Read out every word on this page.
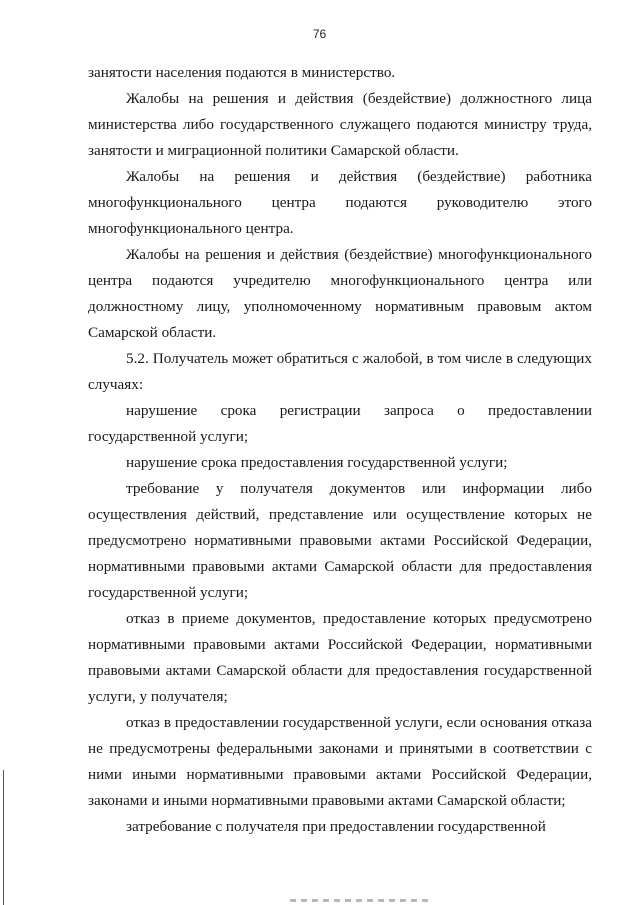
76

занятости населения подаются в министерство.

Жалобы на решения и действия (бездействие) должностного лица министерства либо государственного служащего подаются министру труда, занятости и миграционной политики Самарской области.

Жалобы на решения и действия (бездействие) работника многофункционального центра подаются руководителю этого многофункционального центра.

Жалобы на решения и действия (бездействие) многофункционального центра подаются учредителю многофункционального центра или должностному лицу, уполномоченному нормативным правовым актом Самарской области.

5.2. Получатель может обратиться с жалобой, в том числе в следующих случаях:

нарушение срока регистрации запроса о предоставлении государственной услуги;

нарушение срока предоставления государственной услуги;

требование у получателя документов или информации либо осуществления действий, представление или осуществление которых не предусмотрено нормативными правовыми актами Российской Федерации, нормативными правовыми актами Самарской области для предоставления государственной услуги;

отказ в приеме документов, предоставление которых предусмотрено нормативными правовыми актами Российской Федерации, нормативными правовыми актами Самарской области для предоставления государственной услуги, у получателя;

отказ в предоставлении государственной услуги, если основания отказа не предусмотрены федеральными законами и принятыми в соответствии с ними иными нормативными правовыми актами Российской Федерации, законами и иными нормативными правовыми актами Самарской области;

затребование с получателя при предоставлении государственной
